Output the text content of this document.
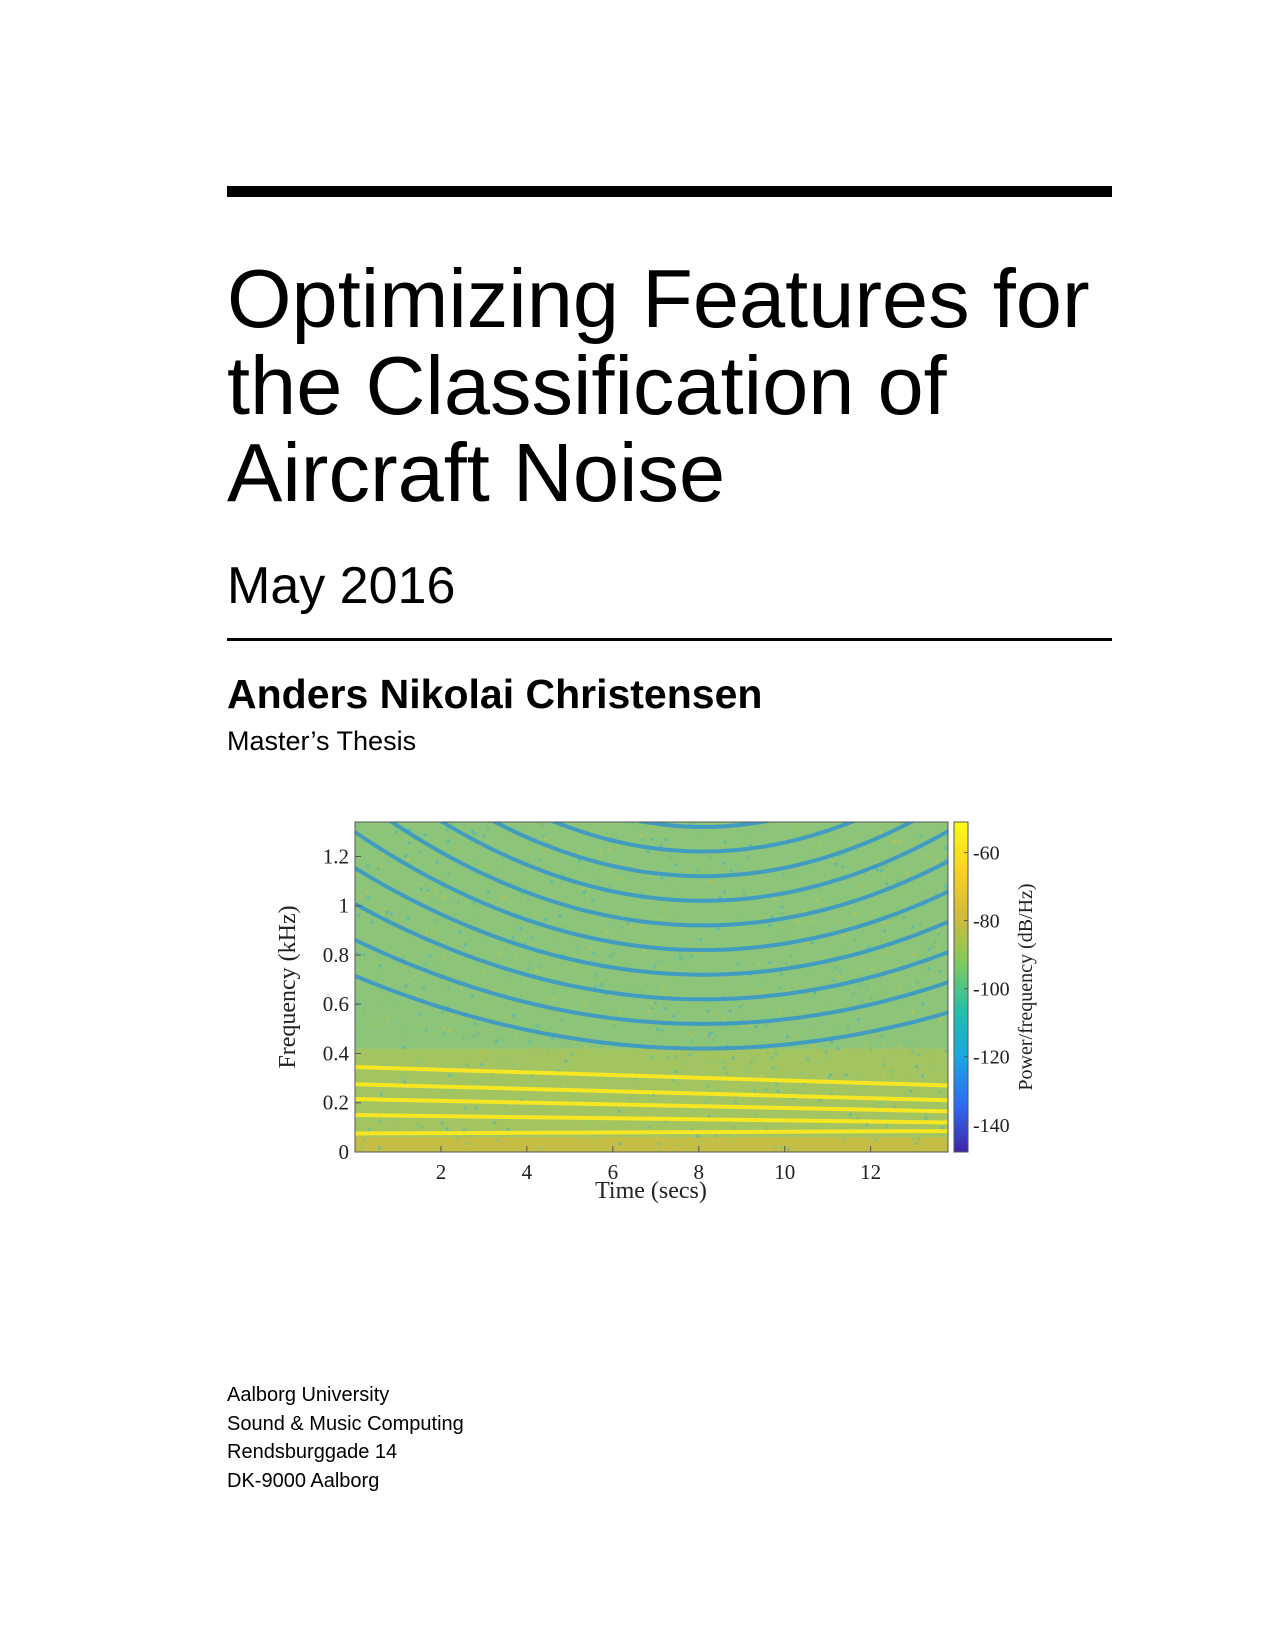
Optimizing Features for
the Classification of
Aircraft Noise
May 2016
Anders Nikolai Christensen
Master’s Thesis
2	4	6	8	10	12
0
0.2
0.4
0.6
0.8
1
1.2
Time (secs)
Frequency (kHz)
-60
-80
-100
-120
-140
Power/frequency (dB/Hz)
Aalborg University
Sound & Music Computing
Rendsburggade 14
DK-9000 Aalborg
